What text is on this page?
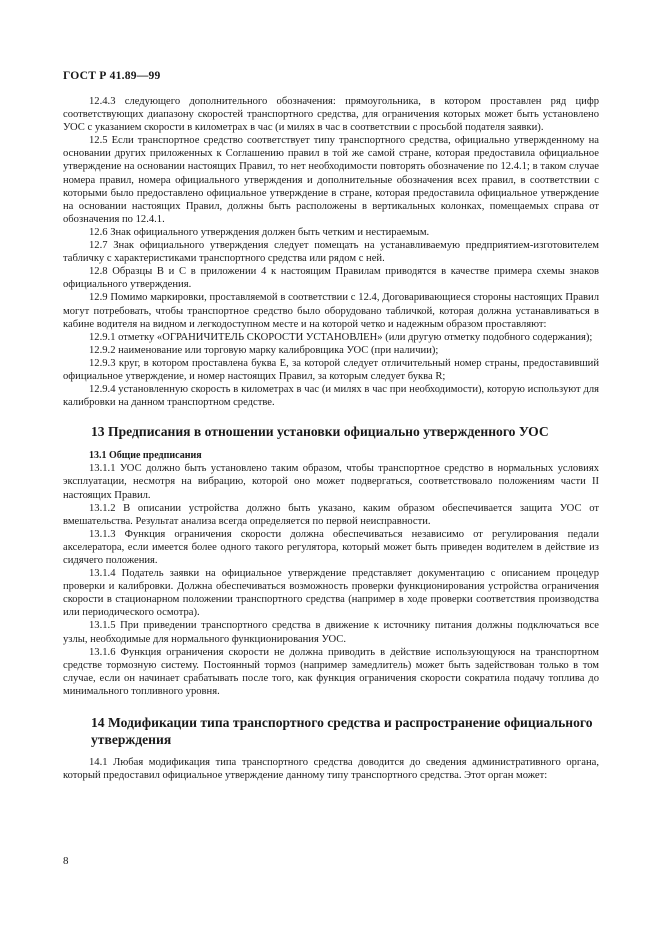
ГОСТ Р 41.89—99

12.4.3 следующего дополнительного обозначения: прямоугольника, в котором проставлен ряд цифр соответствующих диапазону скоростей транспортного средства, для ограничения которых может быть установлено УОС с указанием скорости в километрах в час (и милях в час в соответствии с просьбой подателя заявки).

12.5 Если транспортное средство соответствует типу транспортного средства, официально утвержденному на основании других приложенных к Соглашению правил в той же самой стране, которая предоставила официальное утверждение на основании настоящих Правил, то нет необходимости повторять обозначение по 12.4.1; в таком случае номера правил, номера официального утверждения и дополнительные обозначения всех правил, в соответствии с которыми было предоставлено официальное утверждение в стране, которая предоставила официальное утверждение на основании настоящих Правил, должны быть расположены в вертикальных колонках, помещаемых справа от обозначения по 12.4.1.

12.6 Знак официального утверждения должен быть четким и нестираемым.

12.7 Знак официального утверждения следует помещать на устанавливаемую предприятием-изготовителем табличку с характеристиками транспортного средства или рядом с ней.

12.8 Образцы В и С в приложении 4 к настоящим Правилам приводятся в качестве примера схемы знаков официального утверждения.

12.9 Помимо маркировки, проставляемой в соответствии с 12.4, Договаривающиеся стороны настоящих Правил могут потребовать, чтобы транспортное средство было оборудовано табличкой, которая должна устанавливаться в кабине водителя на видном и легкодоступном месте и на которой четко и надежным образом проставляют:

12.9.1 отметку «ОГРАНИЧИТЕЛЬ СКОРОСТИ УСТАНОВЛЕН» (или другую отметку подобного содержания);

12.9.2 наименование или торговую марку калибровщика УОС (при наличии);

12.9.3 круг, в котором проставлена буква Е, за которой следует отличительный номер страны, предоставивший официальное утверждение, и номер настоящих Правил, за которым следует буква R;

12.9.4 установленную скорость в километрах в час (и милях в час при необходимости), которую используют для калибровки на данном транспортном средстве.

13 Предписания в отношении установки официально утвержденного УОС

13.1 Общие предписания

13.1.1 УОС должно быть установлено таким образом, чтобы транспортное средство в нормальных условиях эксплуатации, несмотря на вибрацию, которой оно может подвергаться, соответствовало положениям части II настоящих Правил.

13.1.2 В описании устройства должно быть указано, каким образом обеспечивается защита УОС от вмешательства. Результат анализа всегда определяется по первой неисправности.

13.1.3 Функция ограничения скорости должна обеспечиваться независимо от регулирования педали акселератора, если имеется более одного такого регулятора, который может быть приведен водителем в действие из сидячего положения.

13.1.4 Податель заявки на официальное утверждение представляет документацию с описанием процедур проверки и калибровки. Должна обеспечиваться возможность проверки функционирования устройства ограничения скорости в стационарном положении транспортного средства (например в ходе проверки соответствия производства или периодического осмотра).

13.1.5 При приведении транспортного средства в движение к источнику питания должны подключаться все узлы, необходимые для нормального функционирования УОС.

13.1.6 Функция ограничения скорости не должна приводить в действие использующуюся на транспортном средстве тормозную систему. Постоянный тормоз (например замедлитель) может быть задействован только в том случае, если он начинает срабатывать после того, как функция ограничения скорости сократила подачу топлива до минимального топливного уровня.

14 Модификации типа транспортного средства и распространение официального утверждения

14.1 Любая модификация типа транспортного средства доводится до сведения административного органа, который предоставил официальное утверждение данному типу транспортного средства. Этот орган может:

8
